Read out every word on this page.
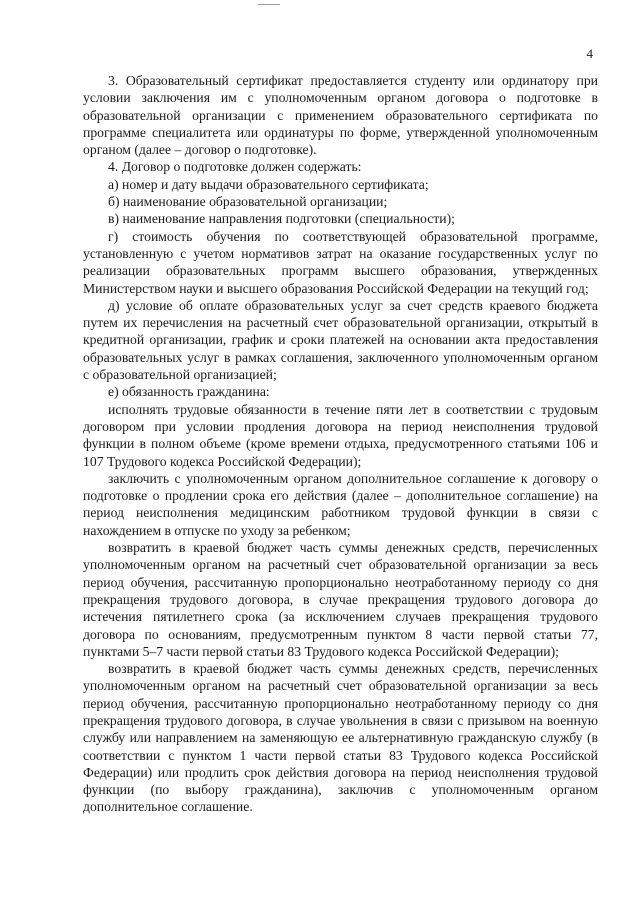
4

3. Образовательный сертификат предоставляется студенту или ординатору при условии заключения им с уполномоченным органом договора о подготовке в образовательной организации с применением образовательного сертификата по программе специалитета или ординатуры по форме, утвержденной уполномоченным органом (далее – договор о подготовке).

4. Договор о подготовке должен содержать:

а) номер и дату выдачи образовательного сертификата;

б) наименование образовательной организации;

в) наименование направления подготовки (специальности);

г) стоимость обучения по соответствующей образовательной программе, установленную с учетом нормативов затрат на оказание государственных услуг по реализации образовательных программ высшего образования, утвержденных Министерством науки и высшего образования Российской Федерации на текущий год;

д) условие об оплате образовательных услуг за счет средств краевого бюджета путем их перечисления на расчетный счет образовательной организации, открытый в кредитной организации, график и сроки платежей на основании акта предоставления образовательных услуг в рамках соглашения, заключенного уполномоченным органом с образовательной организацией;

е) обязанность гражданина:

исполнять трудовые обязанности в течение пяти лет в соответствии с трудовым договором при условии продления договора на период неисполнения трудовой функции в полном объеме (кроме времени отдыха, предусмотренного статьями 106 и 107 Трудового кодекса Российской Федерации);

заключить с уполномоченным органом дополнительное соглашение к договору о подготовке о продлении срока его действия (далее – дополнительное соглашение) на период неисполнения медицинским работником трудовой функции в связи с нахождением в отпуске по уходу за ребенком;

возвратить в краевой бюджет часть суммы денежных средств, перечисленных уполномоченным органом на расчетный счет образовательной организации за весь период обучения, рассчитанную пропорционально неотработанному периоду со дня прекращения трудового договора, в случае прекращения трудового договора до истечения пятилетнего срока (за исключением случаев прекращения трудового договора по основаниям, предусмотренным пунктом 8 части первой статьи 77, пунктами 5–7 части первой статьи 83 Трудового кодекса Российской Федерации);

возвратить в краевой бюджет часть суммы денежных средств, перечисленных уполномоченным органом на расчетный счет образовательной организации за весь период обучения, рассчитанную пропорционально неотработанному периоду со дня прекращения трудового договора, в случае увольнения в связи с призывом на военную службу или направлением на заменяющую ее альтернативную гражданскую службу (в соответствии с пунктом 1 части первой статьи 83 Трудового кодекса Российской Федерации) или продлить срок действия договора на период неисполнения трудовой функции (по выбору гражданина), заключив с уполномоченным органом дополнительное соглашение.
